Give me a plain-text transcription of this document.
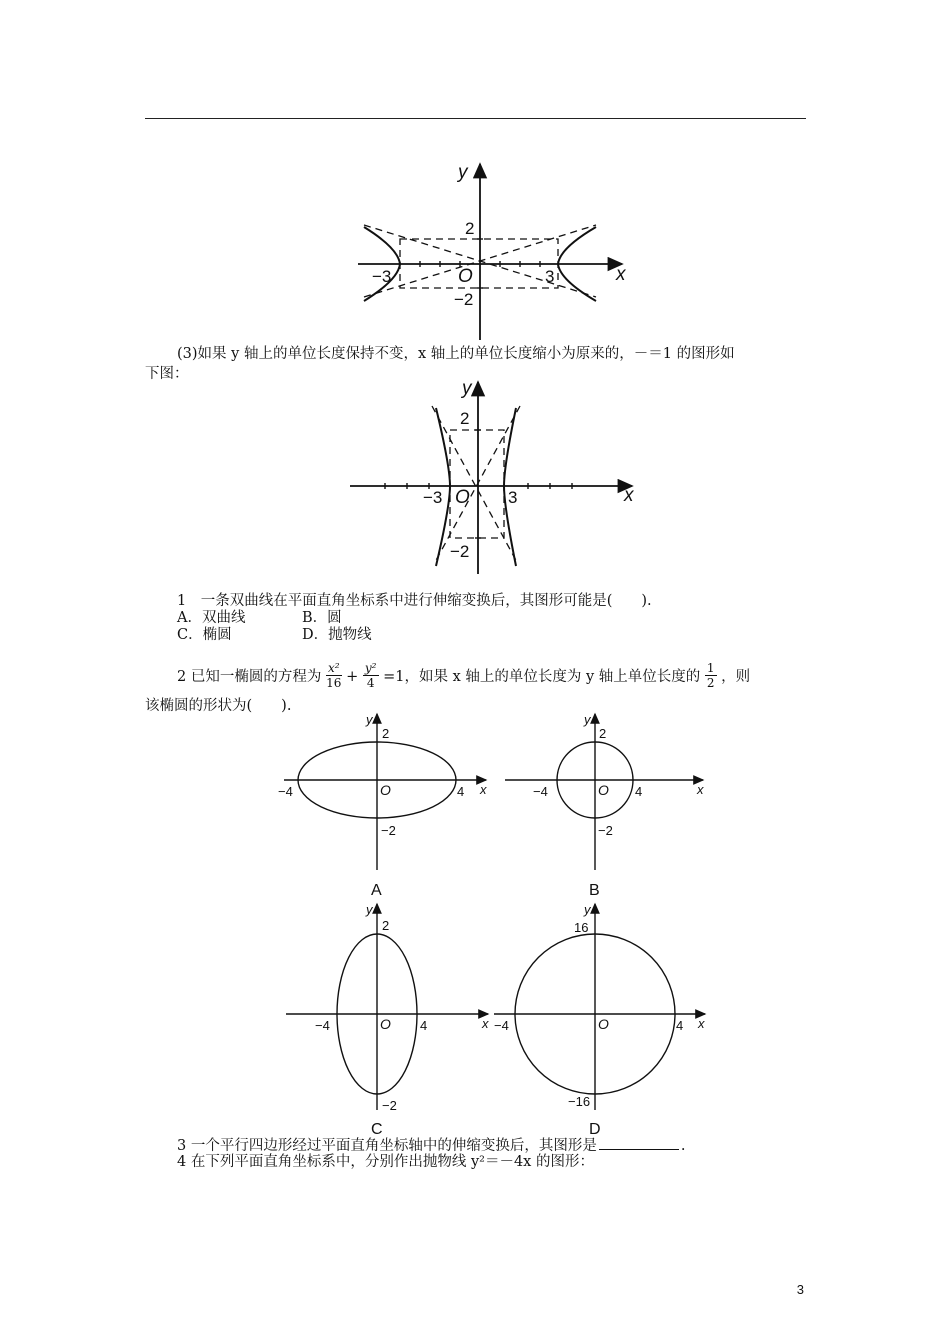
y
x
O
2
−2
−3	3
(3)如果 y 轴上的单位长度保持不变，x 轴上的单位长度缩小为原来的，－＝1 的图形如
下图：
y
x
O
2
−2
−3	3
1　一条双曲线在平面直角坐标系中进行伸缩变换后，其图形可能是(　　).
A．双曲线	B．圆
C．椭圆	D．抛物线
2 已知一椭圆的方程为 $\frac{\text{x²}}{16} + \frac{\text{y²}}{4} =1$，如果 x 轴上的单位长度为 y 轴上单位长度的 $\frac{1}{2}$ ，则
该椭圆的形状为(　　).
y
x
O
2
−2
−4	4
A
y
x
O
2
−2
−4	4
B
y
x
O
2
−2
−4	4
C
y
x
O
16
−16
−4	4
D
3 一个平行四边形经过平面直角坐标轴中的伸缩变换后，其图形是	.
4 在下列平面直角坐标系中，分别作出抛物线 y²＝－4x 的图形：
3
